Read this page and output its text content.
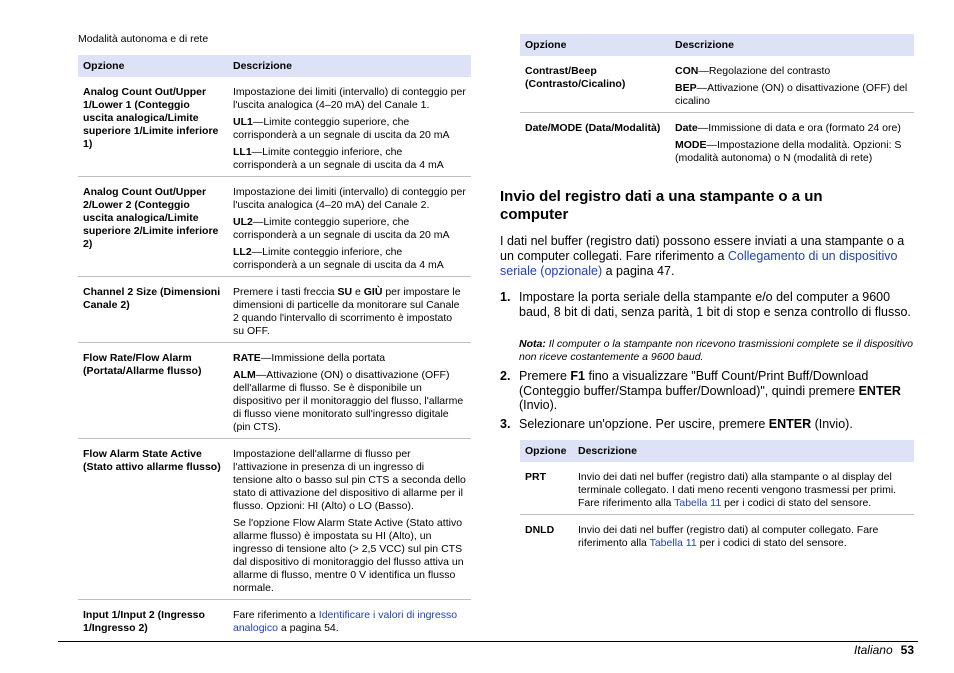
Modalità autonoma e di rete
Opzione	Descrizione
Analog Count Out/Upper 1/Lower 1 (Conteggio uscita analogica/Limite superiore 1/Limite inferiore 1)	Impostazione dei limiti (intervallo) di conteggio per l'uscita analogica (4–20 mA) del Canale 1.

UL1—Limite conteggio superiore, che corrisponderà a un segnale di uscita da 20 mA

LL1—Limite conteggio inferiore, che corrisponderà a un segnale di uscita da 4 mA

Analog Count Out/Upper 2/Lower 2 (Conteggio uscita analogica/Limite superiore 2/Limite inferiore 2)	Impostazione dei limiti (intervallo) di conteggio per l'uscita analogica (4–20 mA) del Canale 2.

UL2—Limite conteggio superiore, che corrisponderà a un segnale di uscita da 20 mA

LL2—Limite conteggio inferiore, che corrisponderà a un segnale di uscita da 4 mA

Channel 2 Size (Dimensioni Canale 2)	Premere i tasti freccia SU e GIÙ per impostare le dimensioni di particelle da monitorare sul Canale 2 quando l'intervallo di scorrimento è impostato su OFF.

Flow Rate/Flow Alarm (Portata/Allarme flusso)	RATE—Immissione della portata

ALM—Attivazione (ON) o disattivazione (OFF) dell'allarme di flusso. Se è disponibile un dispositivo per il monitoraggio del flusso, l'allarme di flusso viene monitorato sull'ingresso digitale (pin CTS).

Flow Alarm State Active (Stato attivo allarme flusso)	Impostazione dell'allarme di flusso per l'attivazione in presenza di un ingresso di tensione alto o basso sul pin CTS a seconda dello stato di attivazione del dispositivo di allarme per il flusso. Opzioni: HI (Alto) o LO (Basso).

Se l'opzione Flow Alarm State Active (Stato attivo allarme flusso) è impostata su HI (Alto), un ingresso di tensione alto (> 2,5 VCC) sul pin CTS dal dispositivo di monitoraggio del flusso attiva un allarme di flusso, mentre 0 V identifica un flusso normale.

Input 1/Input 2 (Ingresso 1/Ingresso 2)	Fare riferimento a Identificare i valori di ingresso analogico a pagina 54.

Opzione	Descrizione
Contrast/Beep (Contrasto/Cicalino)	CON—Regolazione del contrasto

BEP—Attivazione (ON) o disattivazione (OFF) del cicalino

Date/MODE (Data/Modalità)	Date—Immissione di data e ora (formato 24 ore)

MODE—Impostazione della modalità. Opzioni: S (modalità autonoma) o N (modalità di rete)

Invio del registro dati a una stampante o a un computer

I dati nel buffer (registro dati) possono essere inviati a una stampante o a un computer collegati. Fare riferimento a Collegamento di un dispositivo seriale (opzionale) a pagina 47.

1. Impostare la porta seriale della stampante e/o del computer a 9600 baud, 8 bit di dati, senza parità, 1 bit di stop e senza controllo di flusso.
Nota: Il computer o la stampante non ricevono trasmissioni complete se il dispositivo non riceve costantemente a 9600 baud.
2. Premere F1 fino a visualizzare "Buff Count/Print Buff/Download (Conteggio buffer/Stampa buffer/Download)", quindi premere ENTER (Invio).
3. Selezionare un'opzione. Per uscire, premere ENTER (Invio).
Opzione	Descrizione
PRT	Invio dei dati nel buffer (registro dati) alla stampante o al display del terminale collegato. I dati meno recenti vengono trasmessi per primi. Fare riferimento alla Tabella 11 per i codici di stato del sensore.

DNLD	Invio dei dati nel buffer (registro dati) al computer collegato. Fare riferimento alla Tabella 11 per i codici di stato del sensore.

Italiano 53
